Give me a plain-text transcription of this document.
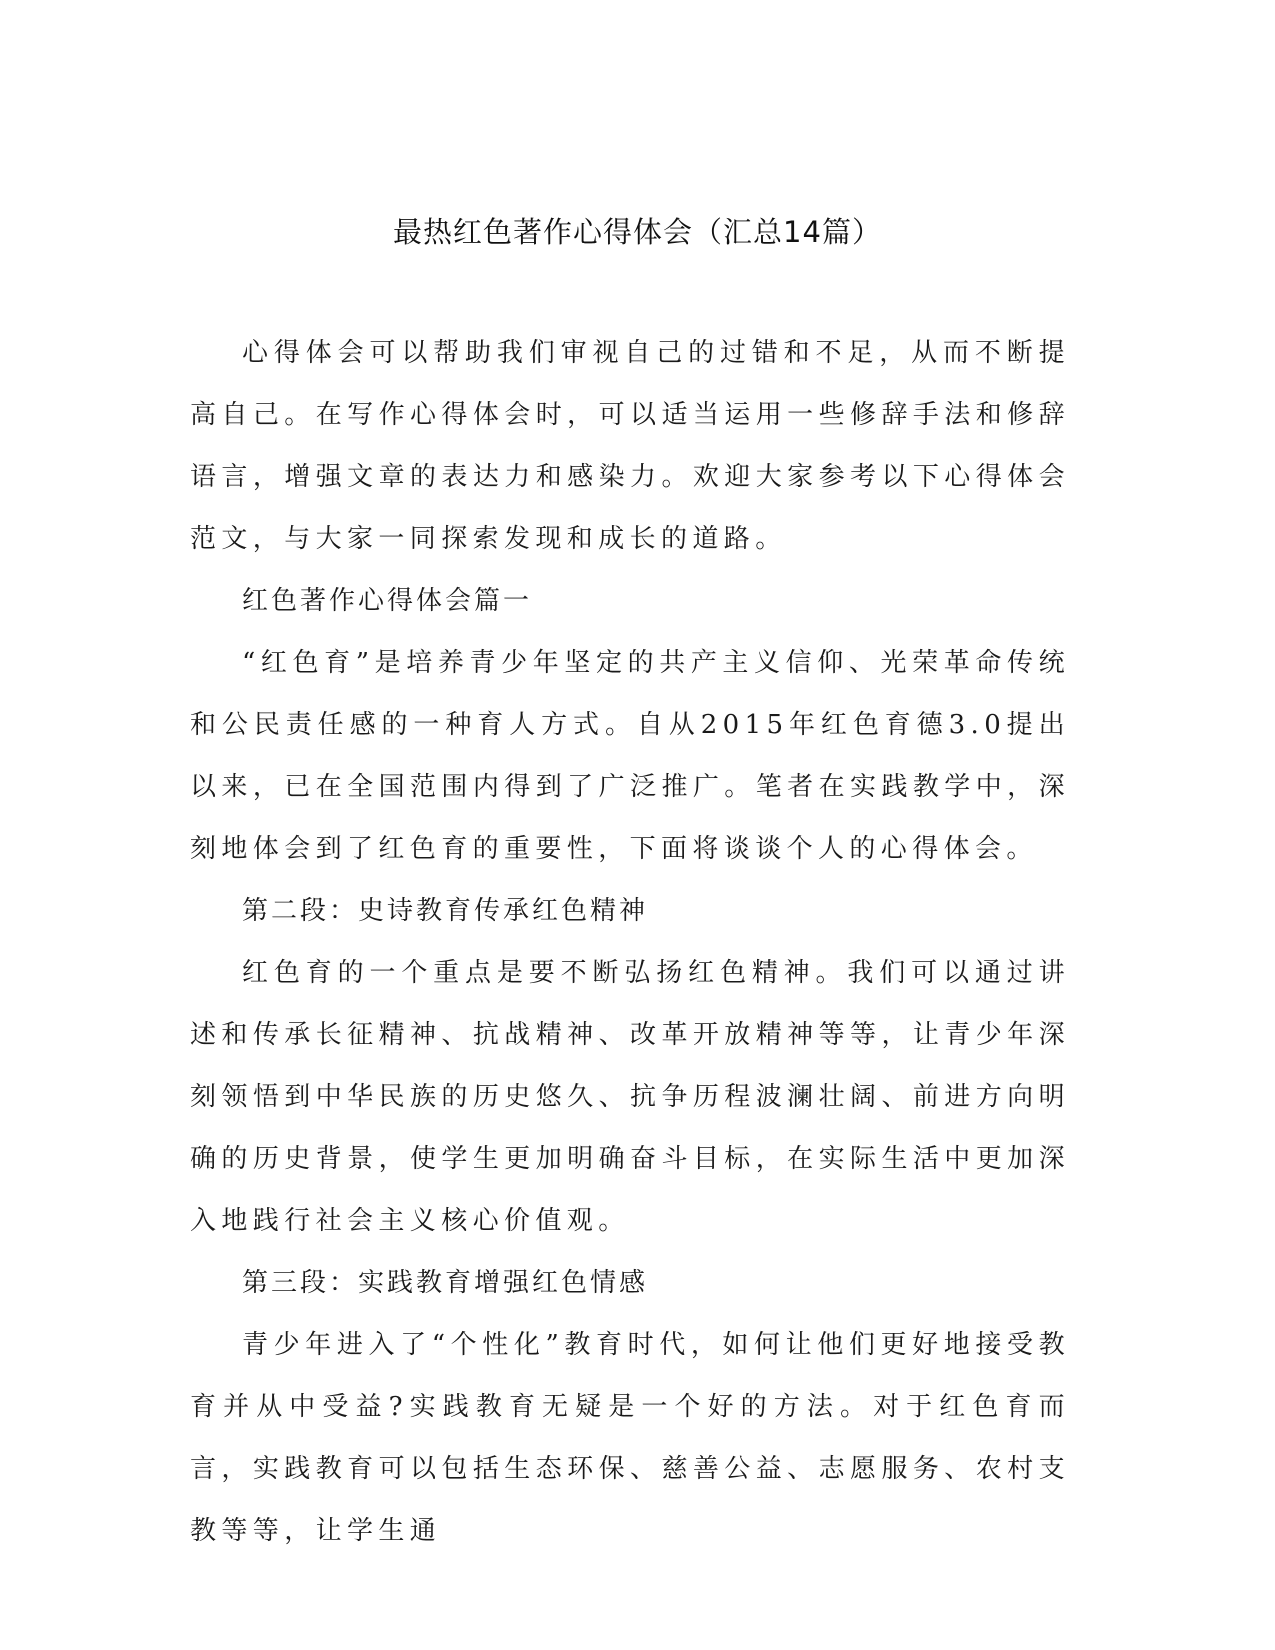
最热红色著作心得体会（汇总14篇）

心得体会可以帮助我们审视自己的过错和不足，从而不断提高自己。在写作心得体会时，可以适当运用一些修辞手法和修辞语言，增强文章的表达力和感染力。欢迎大家参考以下心得体会范文，与大家一同探索发现和成长的道路。

红色著作心得体会篇一

“红色育”是培养青少年坚定的共产主义信仰、光荣革命传统和公民责任感的一种育人方式。自从2015年红色育德3.0提出以来，已在全国范围内得到了广泛推广。笔者在实践教学中，深刻地体会到了红色育的重要性，下面将谈谈个人的心得体会。

第二段：史诗教育传承红色精神

红色育的一个重点是要不断弘扬红色精神。我们可以通过讲述和传承长征精神、抗战精神、改革开放精神等等，让青少年深刻领悟到中华民族的历史悠久、抗争历程波澜壮阔、前进方向明确的历史背景，使学生更加明确奋斗目标，在实际生活中更加深入地践行社会主义核心价值观。

第三段：实践教育增强红色情感

青少年进入了“个性化”教育时代，如何让他们更好地接受教育并从中受益?实践教育无疑是一个好的方法。对于红色育而言，实践教育可以包括生态环保、慈善公益、志愿服务、农村支教等等，让学生通
